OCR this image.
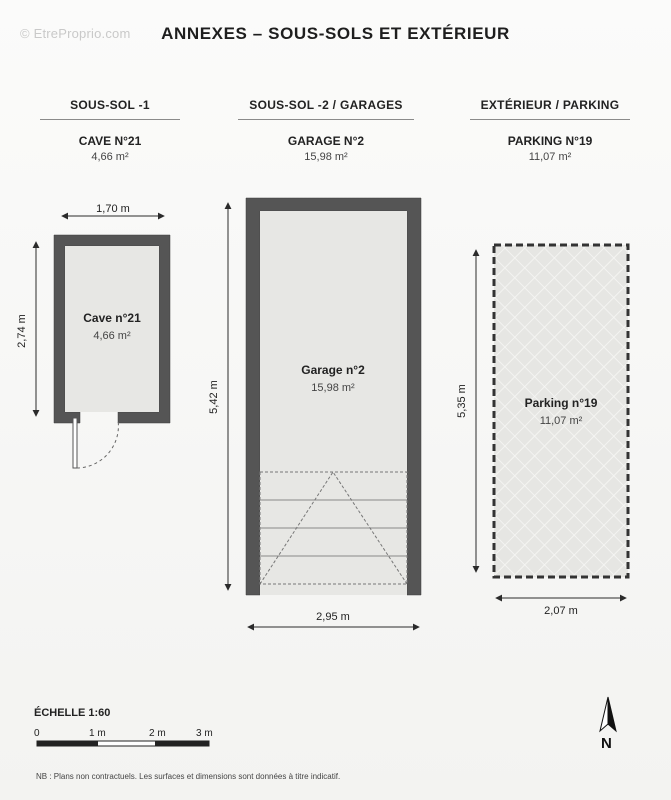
© EtreProprio.com	ANNEXES – SOUS-SOLS ET EXTÉRIEUR
SOUS-SOL -1
CAVE N°21
4,66 m²
SOUS-SOL -2 / GARAGES
GARAGE N°2
15,98 m²
EXTÉRIEUR / PARKING
PARKING N°19
11,07 m²
1,70 m
2,74 m	Cave n°21
4,66 m²
5,42 m
2,95 m
Garage n°2
15,98 m²	5,35 m
2,07 m
Parking n°19
11,07 m²
ÉCHELLE 1:60
0	1 m	2 m	3 m
N
NB : Plans non contractuels. Les surfaces et dimensions sont données à titre indicatif.
